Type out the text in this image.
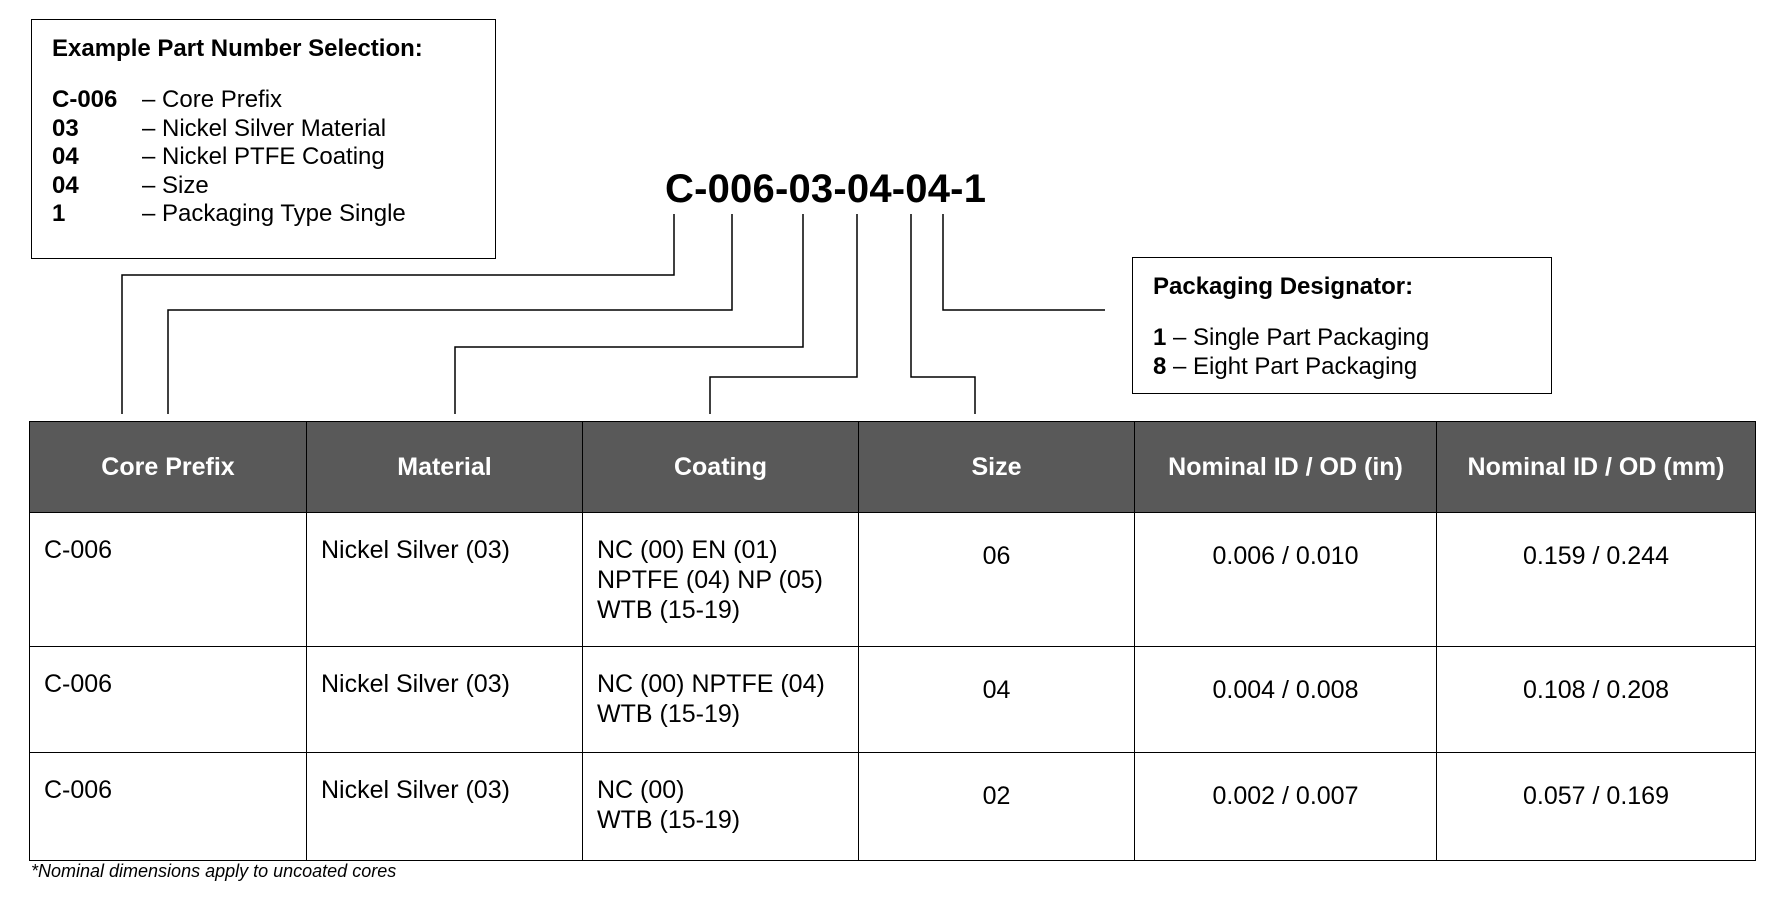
Example Part Number Selection:
C-006	– Core Prefix
03	– Nickel Silver Material
04	– Nickel PTFE Coating
04	– Size
1	– Packaging Type Single
C-006-03-04-04-1
Packaging Designator:
1 – Single Part Packaging
8 – Eight Part Packaging
Core Prefix	Material	Coating	Size	Nominal ID / OD (in)	Nominal ID / OD (mm)
C-006	Nickel Silver (03)	NC (00) EN (01)
NPTFE (04) NP (05)
WTB (15-19)	06	0.006 / 0.010	0.159 / 0.244
C-006	Nickel Silver (03)	NC (00) NPTFE (04)
WTB (15-19)	04	0.004 / 0.008	0.108 / 0.208
C-006	Nickel Silver (03)	NC (00)
WTB (15-19)	02	0.002 / 0.007	0.057 / 0.169
*Nominal dimensions apply to uncoated cores
